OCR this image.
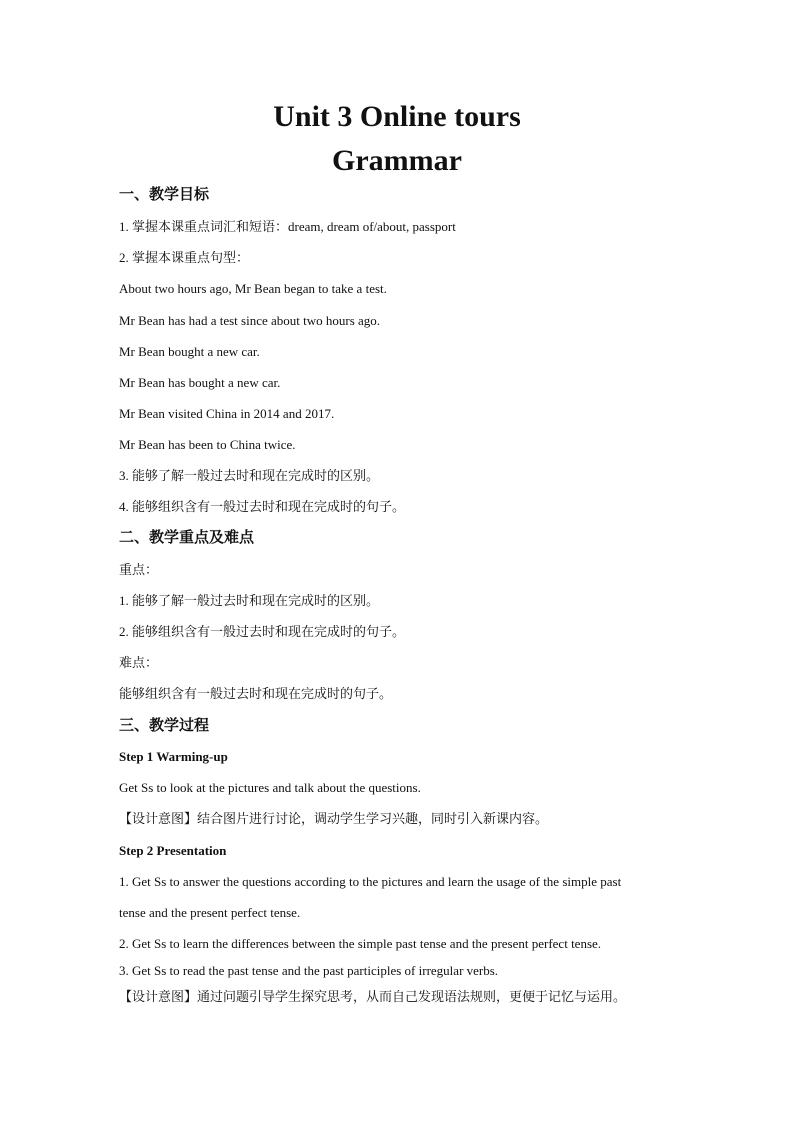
Unit 3 Online tours
Grammar
一、教学目标
1. 掌握本课重点词汇和短语：dream, dream of/about, passport
2. 掌握本课重点句型：
About two hours ago, Mr Bean began to take a test.
Mr Bean has had a test since about two hours ago.
Mr Bean bought a new car.
Mr Bean has bought a new car.
Mr Bean visited China in 2014 and 2017.
Mr Bean has been to China twice.
3. 能够了解一般过去时和现在完成时的区别。
4. 能够组织含有一般过去时和现在完成时的句子。
二、教学重点及难点
重点：
1. 能够了解一般过去时和现在完成时的区别。
2. 能够组织含有一般过去时和现在完成时的句子。
难点：
能够组织含有一般过去时和现在完成时的句子。
三、教学过程
Step 1 Warming-up
Get Ss to look at the pictures and talk about the questions.
【设计意图】结合图片进行讨论，调动学生学习兴趣，同时引入新课内容。
Step 2 Presentation
1. Get Ss to answer the questions according to the pictures and learn the usage of the simple past
tense and the present perfect tense.
2. Get Ss to learn the differences between the simple past tense and the present perfect tense.
3. Get Ss to read the past tense and the past participles of irregular verbs.
【设计意图】通过问题引导学生探究思考，从而自己发现语法规则，更便于记忆与运用。
